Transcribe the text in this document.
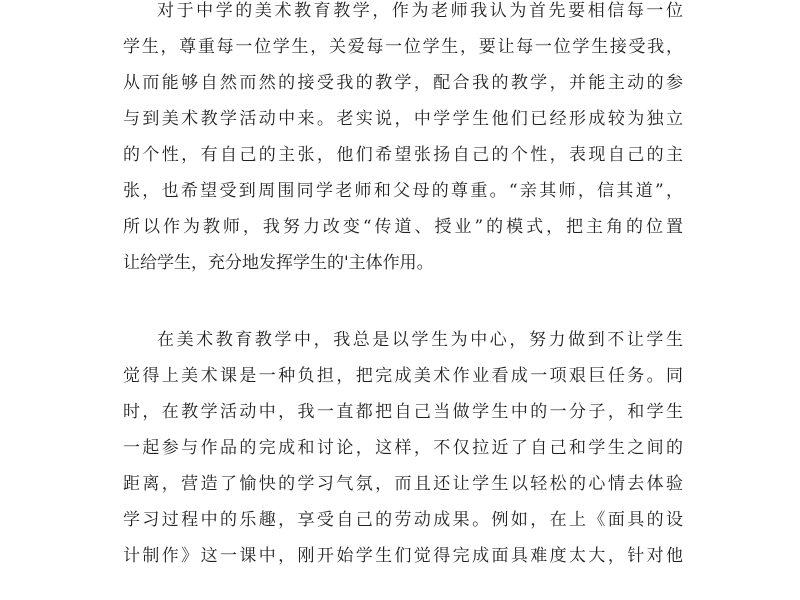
对于中学的美术教育教学，作为老师我认为首先要相信每一位
学生，尊重每一位学生，关爱每一位学生，要让每一位学生接受我，
从而能够自然而然的接受我的教学，配合我的教学，并能主动的参
与到美术教学活动中来。老实说，中学学生他们已经形成较为独立
的个性，有自己的主张，他们希望张扬自己的个性，表现自己的主
张，也希望受到周围同学老师和父母的尊重。“亲其师，信其道”，
所以作为教师，我努力改变“传道、授业”的模式，把主角的位置
让给学生，充分地发挥学生的'主体作用。
在美术教育教学中，我总是以学生为中心，努力做到不让学生
觉得上美术课是一种负担，把完成美术作业看成一项艰巨任务。同
时，在教学活动中，我一直都把自己当做学生中的一分子，和学生
一起参与作品的完成和讨论，这样，不仅拉近了自己和学生之间的
距离，营造了愉快的学习气氛，而且还让学生以轻松的心情去体验
学习过程中的乐趣，享受自己的劳动成果。例如，在上《面具的设
计制作》这一课中，刚开始学生们觉得完成面具难度太大，针对他
